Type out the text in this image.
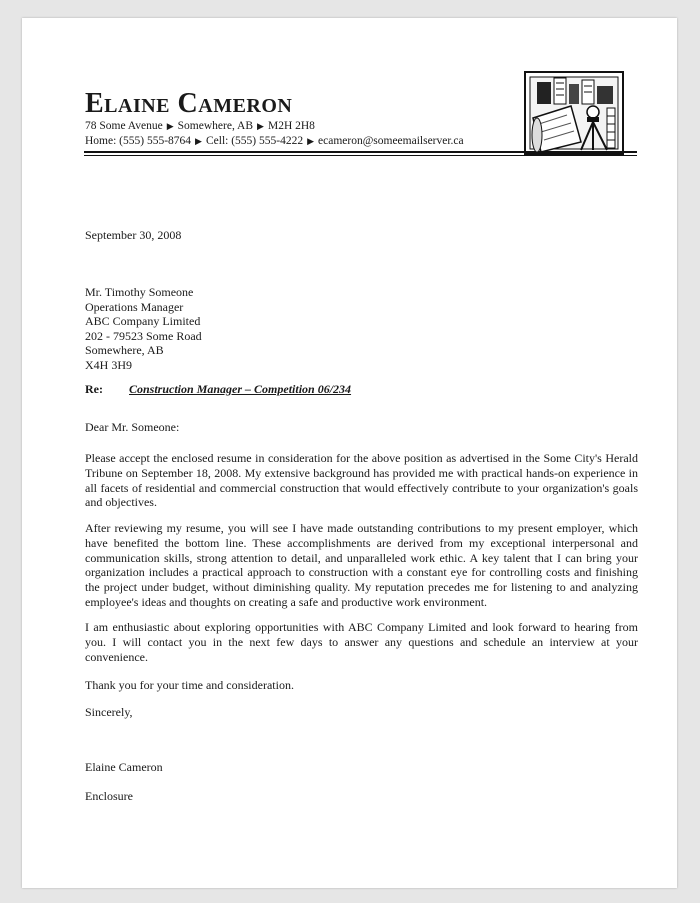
Elaine Cameron
78 Some Avenue ▶ Somewhere, AB ▶ M2H 2H8
Home: (555) 555-8764 ▶ Cell: (555) 555-4222 ▶ ecameron@someemailserver.ca
September 30, 2008
Mr. Timothy Someone
Operations Manager
ABC Company Limited
202 - 79523 Some Road
Somewhere, AB
X4H 3H9
Re: Construction Manager – Competition 06/234
Dear Mr. Someone:

Please accept the enclosed resume in consideration for the above position as advertised in the Some City's Herald Tribune on September 18, 2008. My extensive background has provided me with practical hands-on experience in all facets of residential and commercial construction that would effectively contribute to your organization's goals and objectives.

After reviewing my resume, you will see I have made outstanding contributions to my present employer, which have benefited the bottom line. These accomplishments are derived from my exceptional interpersonal and communication skills, strong attention to detail, and unparalleled work ethic. A key talent that I can bring your organization includes a practical approach to construction with a constant eye for controlling costs and finishing the project under budget, without diminishing quality. My reputation precedes me for listening to and analyzing employee's ideas and thoughts on creating a safe and productive work environment.

I am enthusiastic about exploring opportunities with ABC Company Limited and look forward to hearing from you. I will contact you in the next few days to answer any questions and schedule an interview at your convenience.

Thank you for your time and consideration.

Sincerely,
Elaine Cameron
Enclosure
